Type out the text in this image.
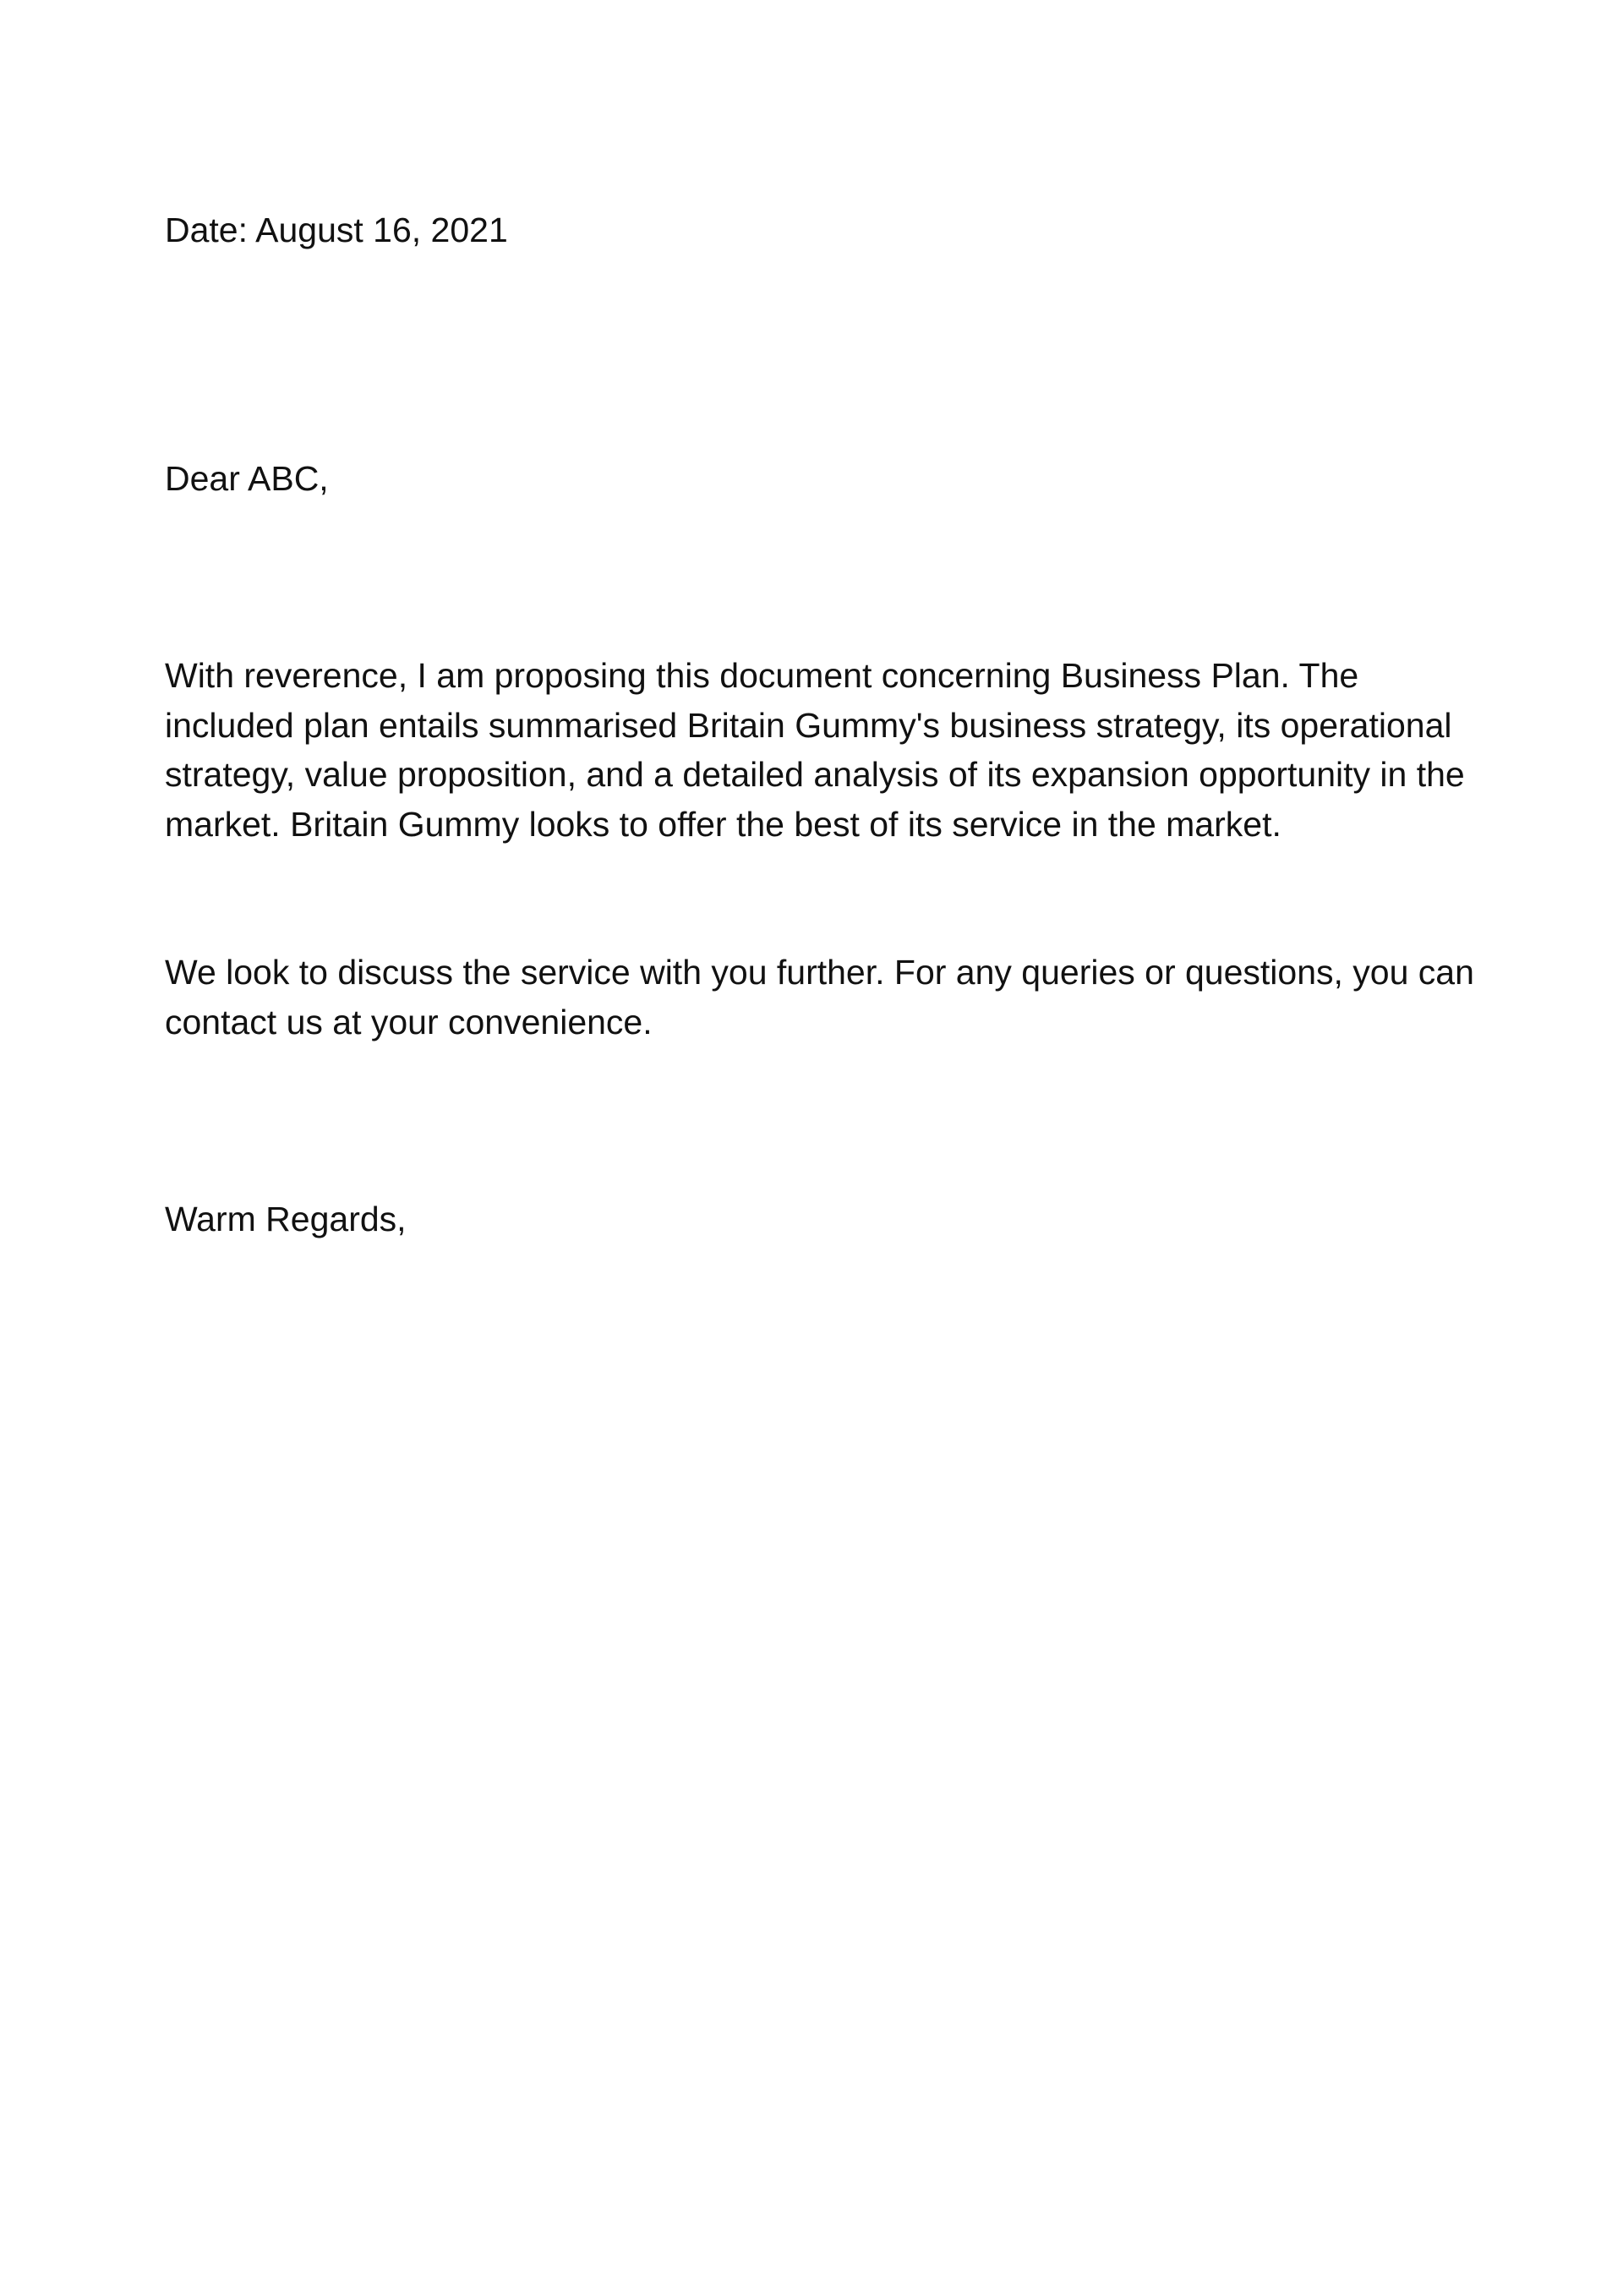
Date: August 16, 2021

Dear ABC,

With reverence, I am proposing this document concerning Business Plan. The included plan entails summarised Britain Gummy's business strategy, its operational strategy, value proposition, and a detailed analysis of its expansion opportunity in the market. Britain Gummy looks to offer the best of its service in the market.

We look to discuss the service with you further. For any queries or questions, you can contact us at your convenience.

Warm Regards,
